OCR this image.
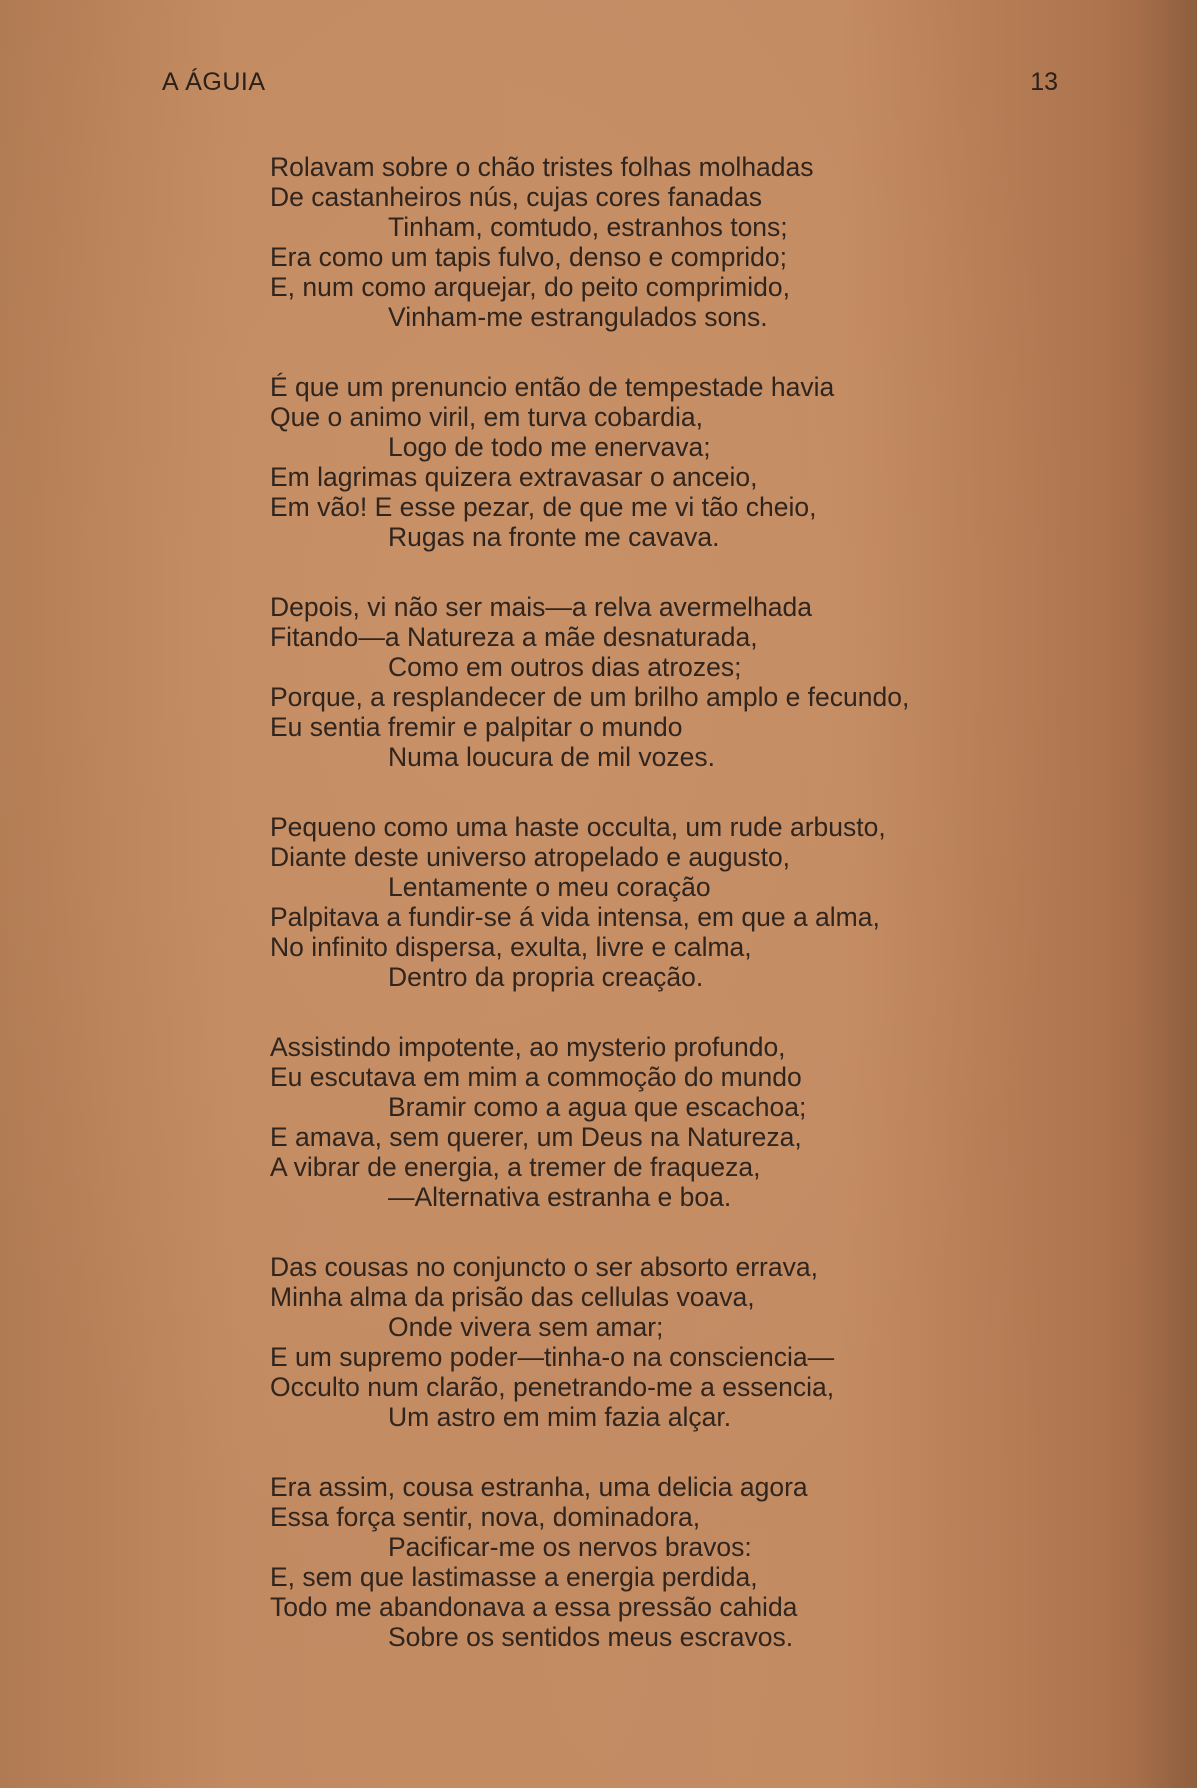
A ÁGUIA	13
Rolavam sobre o chão tristes folhas molhadas
De castanheiros nús, cujas cores fanadas
Tinham, comtudo, estranhos tons;
Era como um tapis fulvo, denso e comprido;
E, num como arquejar, do peito comprimido,
Vinham-me estrangulados sons.
É que um prenuncio então de tempestade havia
Que o animo viril, em turva cobardia,
Logo de todo me enervava;
Em lagrimas quizera extravasar o anceio,
Em vão! E esse pezar, de que me vi tão cheio,
Rugas na fronte me cavava.
Depois, vi não ser mais—a relva avermelhada
Fitando—a Natureza a mãe desnaturada,
Como em outros dias atrozes;
Porque, a resplandecer de um brilho amplo e fecundo,
Eu sentia fremir e palpitar o mundo
Numa loucura de mil vozes.
Pequeno como uma haste occulta, um rude arbusto,
Diante deste universo atropelado e augusto,
Lentamente o meu coração
Palpitava a fundir-se á vida intensa, em que a alma,
No infinito dispersa, exulta, livre e calma,
Dentro da propria creação.
Assistindo impotente, ao mysterio profundo,
Eu escutava em mim a commoção do mundo
Bramir como a agua que escachoa;
E amava, sem querer, um Deus na Natureza,
A vibrar de energia, a tremer de fraqueza,
—Alternativa estranha e boa.
Das cousas no conjuncto o ser absorto errava,
Minha alma da prisão das cellulas voava,
Onde vivera sem amar;
E um supremo poder—tinha-o na consciencia—
Occulto num clarão, penetrando-me a essencia,
Um astro em mim fazia alçar.
Era assim, cousa estranha, uma delicia agora
Essa força sentir, nova, dominadora,
Pacificar-me os nervos bravos:
E, sem que lastimasse a energia perdida,
Todo me abandonava a essa pressão cahida
Sobre os sentidos meus escravos.
